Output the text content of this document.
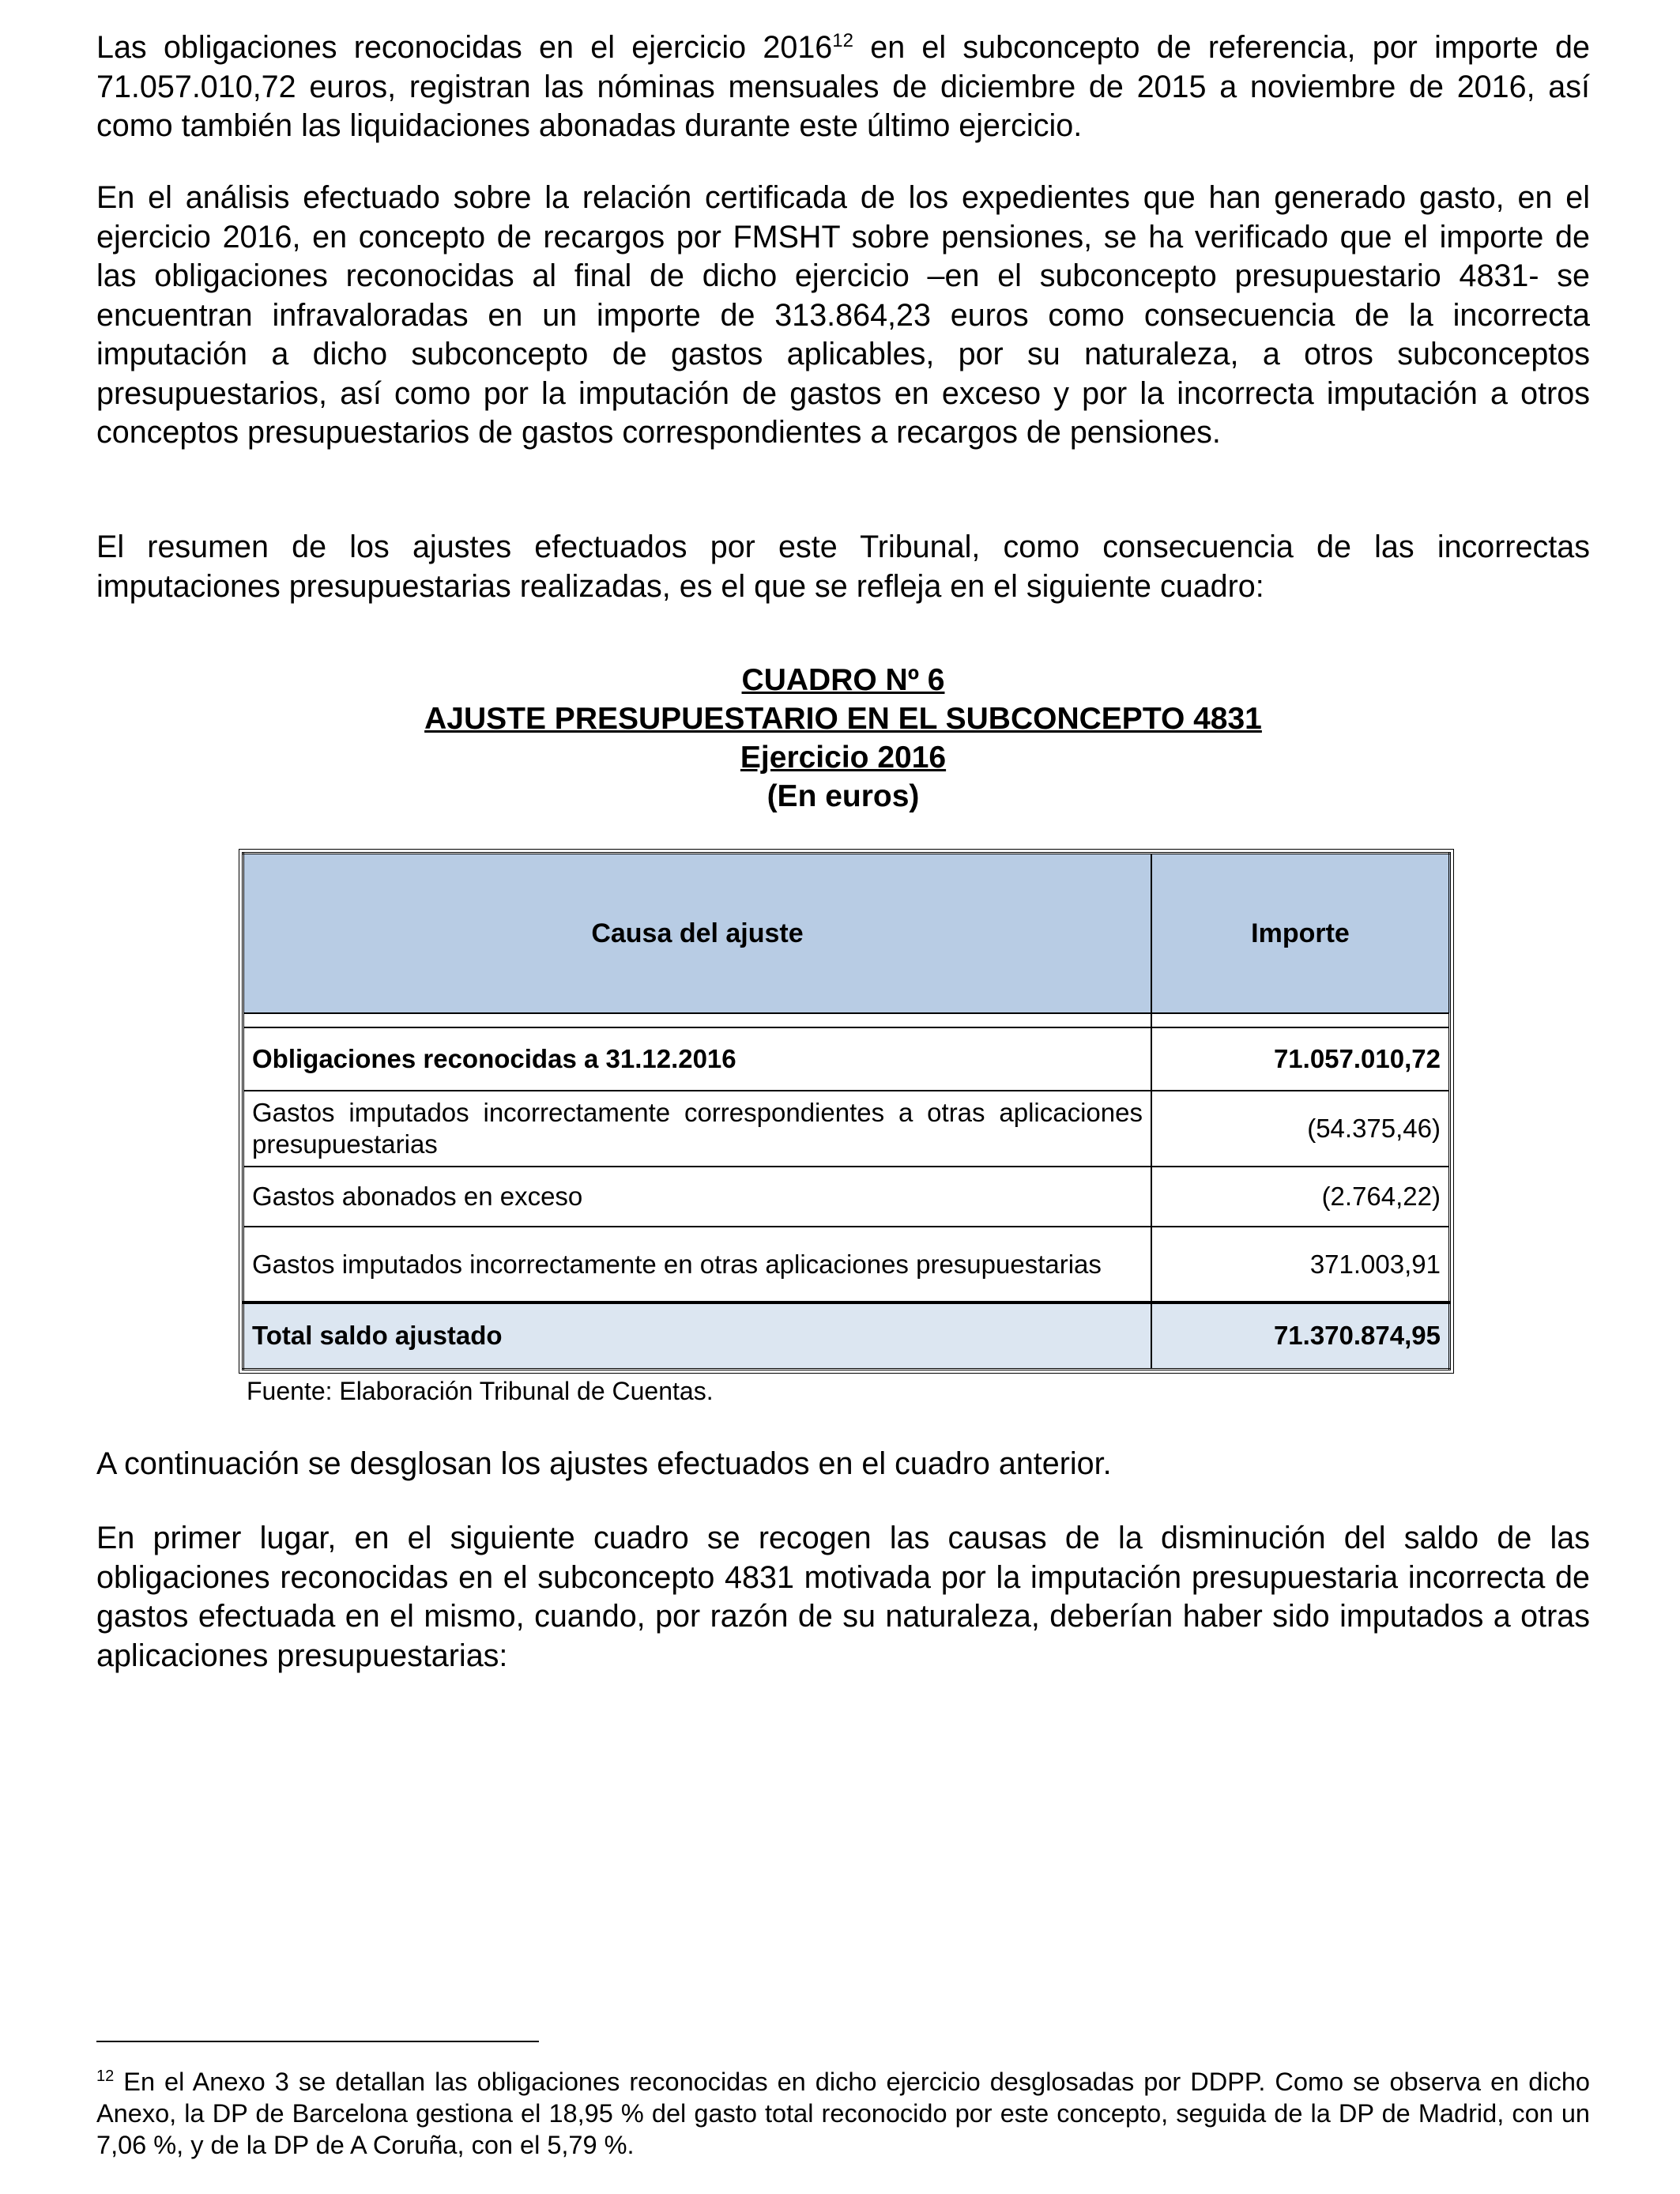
Las obligaciones reconocidas en el ejercicio 2016$^{12}$ en el subconcepto de referencia, por importe de 71.057.010,72 euros, registran las nóminas mensuales de diciembre de 2015 a noviembre de 2016, así como también las liquidaciones abonadas durante este último ejercicio.

En el análisis efectuado sobre la relación certificada de los expedientes que han generado gasto, en el ejercicio 2016, en concepto de recargos por FMSHT sobre pensiones, se ha verificado que el importe de las obligaciones reconocidas al final de dicho ejercicio –en el subconcepto presupuestario 4831- se encuentran infravaloradas en un importe de 313.864,23 euros como consecuencia de la incorrecta imputación a dicho subconcepto de gastos aplicables, por su naturaleza, a otros subconceptos presupuestarios, así como por la imputación de gastos en exceso y por la incorrecta imputación a otros conceptos presupuestarios de gastos correspondientes a recargos de pensiones.

El resumen de los ajustes efectuados por este Tribunal, como consecuencia de las incorrectas imputaciones presupuestarias realizadas, es el que se refleja en el siguiente cuadro:

CUADRO Nº 6
AJUSTE PRESUPUESTARIO EN EL SUBCONCEPTO 4831
Ejercicio 2016
(En euros)
Causa del ajuste	Importe

Obligaciones reconocidas a 31.12.2016	71.057.010,72
Gastos imputados incorrectamente correspondientes a otras aplicaciones presupuestarias	(54.375,46)
Gastos abonados en exceso	(2.764,22)
Gastos imputados incorrectamente en otras aplicaciones presupuestarias	371.003,91
Total saldo ajustado	71.370.874,95
Fuente: Elaboración Tribunal de Cuentas.

A continuación se desglosan los ajustes efectuados en el cuadro anterior.

En primer lugar, en el siguiente cuadro se recogen las causas de la disminución del saldo de las obligaciones reconocidas en el subconcepto 4831 motivada por la imputación presupuestaria incorrecta de gastos efectuada en el mismo, cuando, por razón de su naturaleza, deberían haber sido imputados a otras aplicaciones presupuestarias:

$^{12}$ En el Anexo 3 se detallan las obligaciones reconocidas en dicho ejercicio desglosadas por DDPP. Como se observa en dicho Anexo, la DP de Barcelona gestiona el 18,95 % del gasto total reconocido por este concepto, seguida de la DP de Madrid, con un 7,06 %, y de la DP de A Coruña, con el 5,79 %.
